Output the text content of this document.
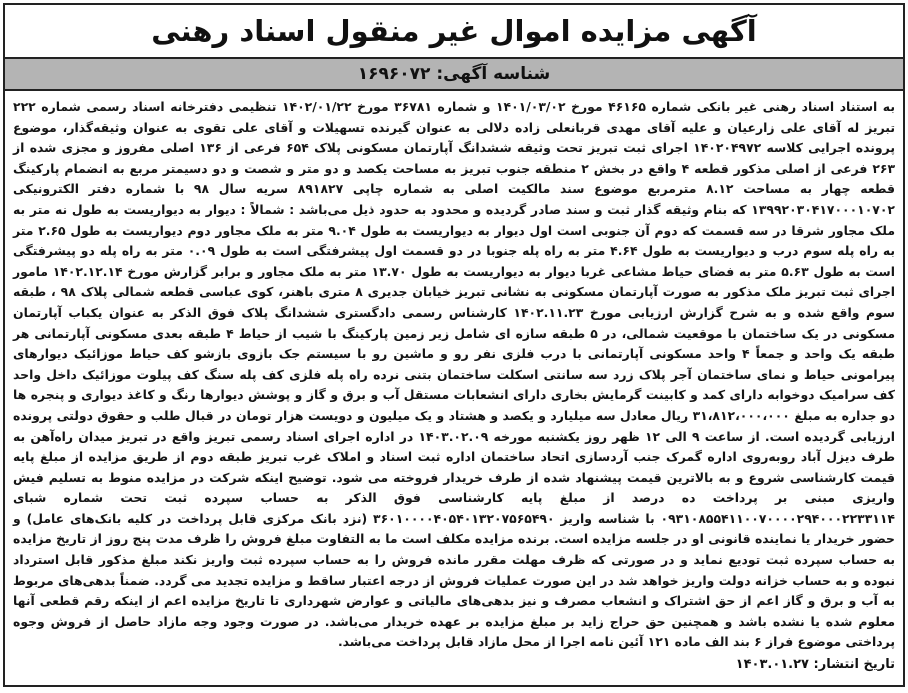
آگهی مزایده اموال غیر منقول اسناد رهنی
شناسه آگهی: ۱۶۹۶۰۷۲

به استناد اسناد رهنی غیر بانکی شماره ۴۶۱۶۵ مورخ ۱۴۰۱/۰۳/۰۲ و شماره ۳۶۷۸۱ مورخ ۱۴۰۲/۰۱/۲۲ تنظیمی دفترخانه اسناد رسمی شماره ۲۲۲ تبریز له آقای علی زارعیان و علیه آقای مهدی قربانعلی زاده دلالی به عنوان گیرنده تسهیلات و آقای علی تقوی به عنوان وثیقه‌گذار، موضوع پرونده اجرایی کلاسه ۱۴۰۲۰۴۹۷۲ اجرای ثبت تبریز تحت وثیقه ششدانگ آپارتمان مسکونی پلاک ۶۵۴ فرعی از ۱۳۶ اصلی مفروز و مجزی شده از ۲۶۳ فرعی از اصلی مذکور قطعه ۴ واقع در بخش ۲ منطقه جنوب تبریز به مساحت یکصد و دو متر و شصت و دو دسیمتر مربع به انضمام پارکینگ قطعه چهار به مساحت ۸.۱۲ مترمربع موضوع سند مالکیت اصلی به شماره چاپی ۸۹۱۸۲۷ سریه سال ۹۸ با شماره دفتر الکترونیکی ۱۳۹۹۲۰۳۰۴۱۷۰۰۰۱۰۷۰۲ که بنام وثیقه گذار ثبت و سند صادر گردیده و محدود به حدود ذیل می‌باشد : شمالاً : دیوار به دیواریست به طول نه متر به ملک مجاور شرقا در سه قسمت که دوم آن جنوبی است اول دیوار به دیواریست به طول ۹.۰۴ متر به ملک مجاور دوم دیواریست به طول ۲.۶۵ متر به راه پله سوم درب و دیواریست به طول ۴.۶۴ متر به راه پله جنوبا در دو قسمت اول پیشرفتگی است به طول ۰.۰۹ متر به راه پله دو پیشرفتگی است به طول ۵.۶۳ متر به فضای حیاط مشاعی غربا دیوار به دیواریست به طول ۱۳.۷۰ متر به ملک مجاور و برابر گزارش مورخ ۱۴۰۲.۱۲.۱۴ مامور اجرای ثبت تبریز ملک مذکور به صورت آپارتمان مسکونی به نشانی تبریز خیابان جدیری ۸ متری باهنر، کوی عباسی قطعه شمالی پلاک ۹۸ ، طبقه سوم واقع شده و به شرح گزارش ارزیابی مورخ ۱۴۰۲.۱۱.۲۳ کارشناس رسمی دادگستری ششدانگ پلاک فوق الذکر به عنوان یکباب آپارتمان مسکونی در یک ساختمان با موقعیت شمالی، در ۵ طبقه سازه ای شامل زیر زمین پارکینگ با شیب از حیاط ۴ طبقه بعدی مسکونی آپارتمانی هر طبقه یک واحد و جمعاً ۴ واحد مسکونی آپارتمانی با درب فلزی نفر رو و ماشین رو با سیستم جک بازوی بازشو کف حیاط موزائیک دیوارهای پیرامونی حیاط و نمای ساختمان آجر پلاک زرد سه سانتی اسکلت ساختمان بتنی نرده راه پله فلزی کف پله سنگ کف پیلوت موزائیک داخل واحد کف سرامیک دوخوابه دارای کمد و کابینت گرمایش بخاری دارای انشعابات مستقل آب و برق و گاز و پوشش دیوارها رنگ و کاغذ دیواری و پنجره ها دو جداره به مبلغ ۳۱،۸۱۲،۰۰۰،۰۰۰ ریال معادل سه میلیارد و یکصد و هشتاد و یک میلیون و دویست هزار تومان در قبال طلب و حقوق دولتی پرونده ارزیابی گردیده است. از ساعت ۹ الی ۱۲ ظهر روز یکشنبه مورخه ۱۴۰۳.۰۲.۰۹ در اداره اجرای اسناد رسمی تبریز واقع در تبریز میدان راه‌آهن به طرف دیزل آباد روبه‌روی اداره گمرک جنب آردسازی اتحاد ساختمان اداره ثبت اسناد و املاک غرب تبریز طبقه دوم از طریق مزایده از مبلغ پایه قیمت کارشناسی شروع و به بالاترین قیمت پیشنهاد شده از طرف خریدار فروخته می شود. توضیح اینکه شرکت در مزایده منوط به تسلیم فیش واریزی مبنی بر پرداخت ده درصد از مبلغ پایه کارشناسی فوق الذکر به حساب سپرده ثبت تحت شماره شبای ۰۹۳۱۰۸۵۵۴۱۱۰۰۷۰۰۰۰۲۹۴۰۰۰۲۲۳۳۱۱۴ با شناسه واریز ۳۶۰۱۰۰۰۰۴۰۵۴۰۱۳۲۰۷۵۶۵۴۹۰ (نزد بانک مرکزی قابل پرداخت در کلیه بانک‌های عامل) و حضور خریدار یا نماینده قانونی او در جلسه مزایده است. برنده مزایده مکلف است ما به التفاوت مبلغ فروش را ظرف مدت پنج روز از تاریخ مزایده به حساب سپرده ثبت تودیع نماید و در صورتی که ظرف مهلت مقرر مانده فروش را به حساب سپرده ثبت واریز نکند مبلغ مذکور قابل استرداد نبوده و به حساب خزانه دولت واریز خواهد شد در این صورت عملیات فروش از درجه اعتبار ساقط و مزایده تجدید می گردد. ضمناً بدهی‌های مربوط به آب و برق و گاز اعم از حق اشتراک و انشعاب مصرف و نیز بدهی‌های مالیاتی و عوارض شهرداری تا تاریخ مزایده اعم از اینکه رقم قطعی آنها معلوم شده یا نشده باشد و همچنین حق حراج زاید بر مبلغ مزایده بر عهده خریدار می‌باشد. در صورت وجود وجه مازاد حاصل از فروش وجوه پرداختی موضوع فراز ۶ بند الف ماده ۱۲۱ آئین نامه اجرا از محل مازاد قابل پرداخت می‌باشد.

تاریخ انتشار: ۱۴۰۳.۰۱.۲۷
